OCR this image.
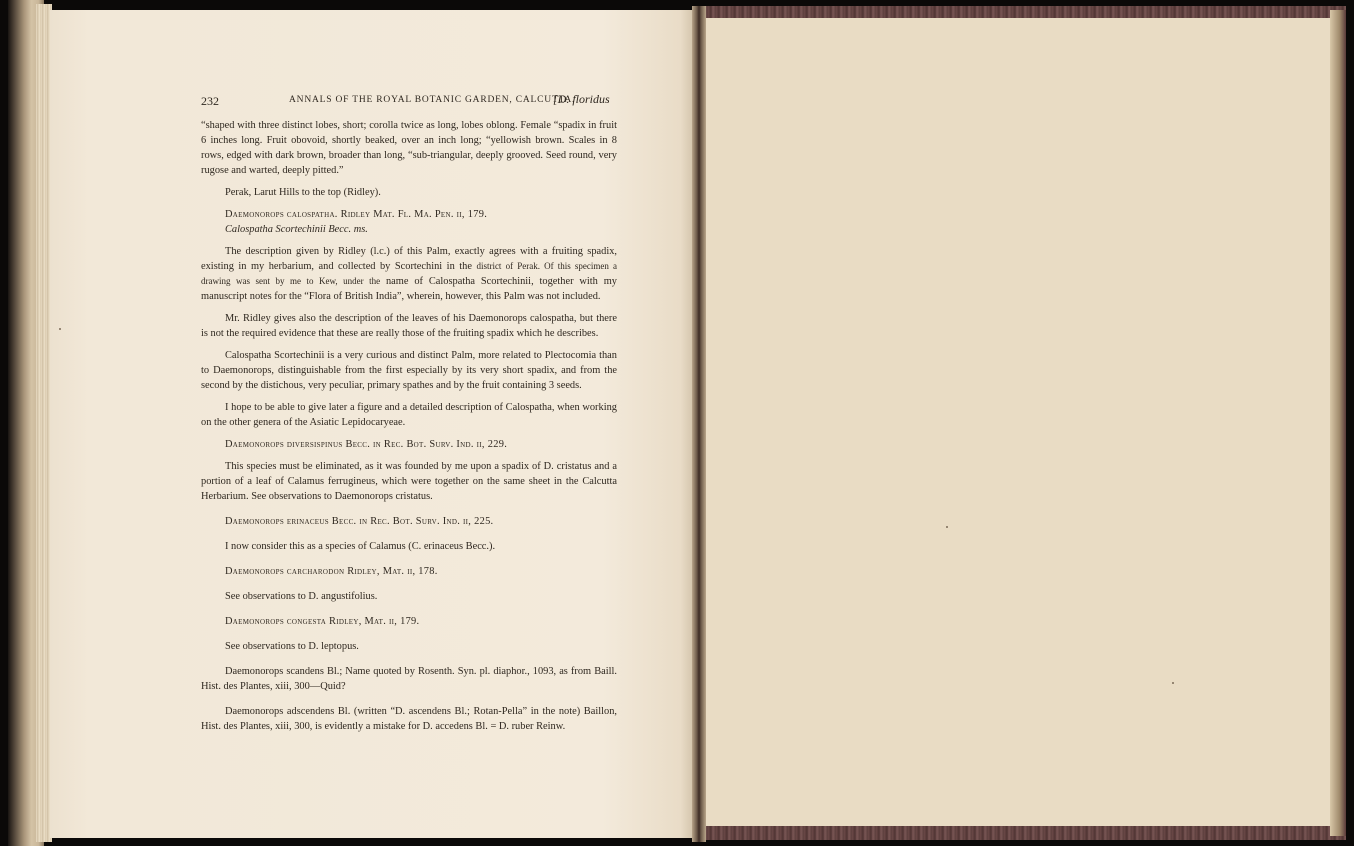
232	ANNALS OF THE ROYAL BOTANIC GARDEN, CALCUTTA.
[D. floridus

“shaped with three distinct lobes, short; corolla twice as long, lobes oblong. Female “spadix in fruit 6 inches long. Fruit obovoid, shortly beaked, over an inch long; “yellowish brown. Scales in 8 rows, edged with dark brown, broader than long, “sub-triangular, deeply grooved. Seed round, very rugose and warted, deeply pitted.”

Perak, Larut Hills to the top (Ridley).

Daemonorops calospatha. Ridley Mat. Fl. Ma. Pen. ii, 179.

Calospatha Scortechinii Becc. ms.

The description given by Ridley (l.c.) of this Palm, exactly agrees with a fruiting spadix, existing in my herbarium, and collected by Scortechini in the district of Perak. Of this specimen a drawing was sent by me to Kew, under the name of Calospatha Scortechinii, together with my manuscript notes for the “Flora of British India”, wherein, however, this Palm was not included.

Mr. Ridley gives also the description of the leaves of his Daemonorops calospatha, but there is not the required evidence that these are really those of the fruiting spadix which he describes.

Calospatha Scortechinii is a very curious and distinct Palm, more related to Plectocomia than to Daemonorops, distinguishable from the first especially by its very short spadix, and from the second by the distichous, very peculiar, primary spathes and by the fruit containing 3 seeds.

I hope to be able to give later a figure and a detailed description of Calospatha, when working on the other genera of the Asiatic Lepidocaryeae.

Daemonorops diversispinus Becc. in Rec. Bot. Surv. Ind. ii, 229.

This species must be eliminated, as it was founded by me upon a spadix of D. cristatus and a portion of a leaf of Calamus ferrugineus, which were together on the same sheet in the Calcutta Herbarium. See observations to Daemonorops cristatus.

Daemonorops erinaceus Becc. in Rec. Bot. Surv. Ind. ii, 225.

I now consider this as a species of Calamus (C. erinaceus Becc.).

Daemonorops carcharodon Ridley, Mat. ii, 178.

See observations to D. angustifolius.

Daemonorops congesta Ridley, Mat. ii, 179.

See observations to D. leptopus.

Daemonorops scandens Bl.; Name quoted by Rosenth. Syn. pl. diaphor., 1093, as from Baill. Hist. des Plantes, xiii, 300—Quid?

Daemonorops adscendens Bl. (written “D. ascendens Bl.; Rotan-Pella” in the note) Baillon, Hist. des Plantes, xiii, 300, is evidently a mistake for D. accedens Bl. = D. ruber Reinw.
